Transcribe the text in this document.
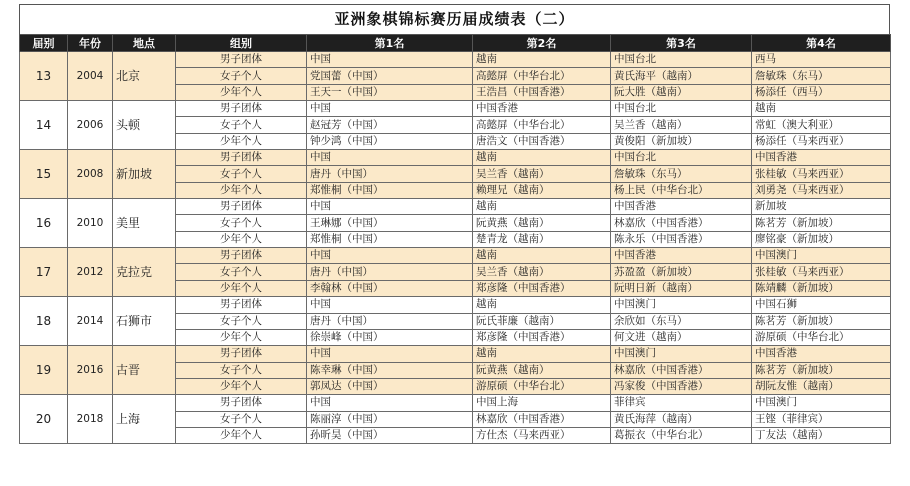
亚洲象棋锦标赛历届成绩表（二）
届别	年份	地点	组别	第1名	第2名	第3名	第4名
13	2004	北京	男子团体	中国	越南	中国台北	西马
			女子个人	党国蕾（中国）	高懿屏（中华台北）	黄氏海平（越南）	詹敏珠（东马）
			少年个人	王天一（中国）	王浩昌（中国香港）	阮大胜（越南）	杨添任（西马）
14	2006	头顿	男子团体	中国	中国香港	中国台北	越南
			女子个人	赵冠芳（中国）	高懿屏（中华台北）	吴兰香（越南）	常虹（澳大利亚）
			少年个人	钟少鸿（中国）	唐浩文（中国香港）	黄俊阳（新加坡）	杨添任（马来西亚）
15	2008	新加坡	男子团体	中国	越南	中国台北	中国香港
			女子个人	唐丹（中国）	吴兰香（越南）	詹敏珠（东马）	张桂敏（马来西亚）
			少年个人	郑惟桐（中国）	赖理兄（越南）	杨上民（中华台北）	刘勇尧（马来西亚）
16	2010	美里	男子团体	中国	越南	中国香港	新加坡
			女子个人	王琳娜（中国）	阮黄燕（越南）	林嘉欣（中国香港）	陈茗芳（新加坡）
			少年个人	郑惟桐（中国）	楚青龙（越南）	陈永乐（中国香港）	廖铭豪（新加坡）
17	2012	克拉克	男子团体	中国	越南	中国香港	中国澳门
			女子个人	唐丹（中国）	吴兰香（越南）	苏盈盈（新加坡）	张桂敏（马来西亚）
			少年个人	李翰林（中国）	郑彦隆（中国香港）	阮明日新（越南）	陈靖麟（新加坡）
18	2014	石狮市	男子团体	中国	越南	中国澳门	中国石狮
			女子个人	唐丹（中国）	阮氏菲廉（越南）	余欣如（东马）	陈茗芳（新加坡）
			少年个人	徐崇峰（中国）	郑彦隆（中国香港）	何文进（越南）	游原硕（中华台北）
19	2016	古晋	男子团体	中国	越南	中国澳门	中国香港
			女子个人	陈幸琳（中国）	阮黄燕（越南）	林嘉欣（中国香港）	陈茗芳（新加坡）
			少年个人	郭凤达（中国）	游原硕（中华台北）	冯家俊（中国香港）	胡阮友惟（越南）
20	2018	上海	男子团体	中国	中国上海	菲律宾	中国澳门
			女子个人	陈丽淳（中国）	林嘉欣（中国香港）	黄氏海萍（越南）	王铿（菲律宾）
			少年个人	孙昕昊（中国）	方仕杰（马来西亚）	葛振衣（中华台北）	丁友法（越南）
